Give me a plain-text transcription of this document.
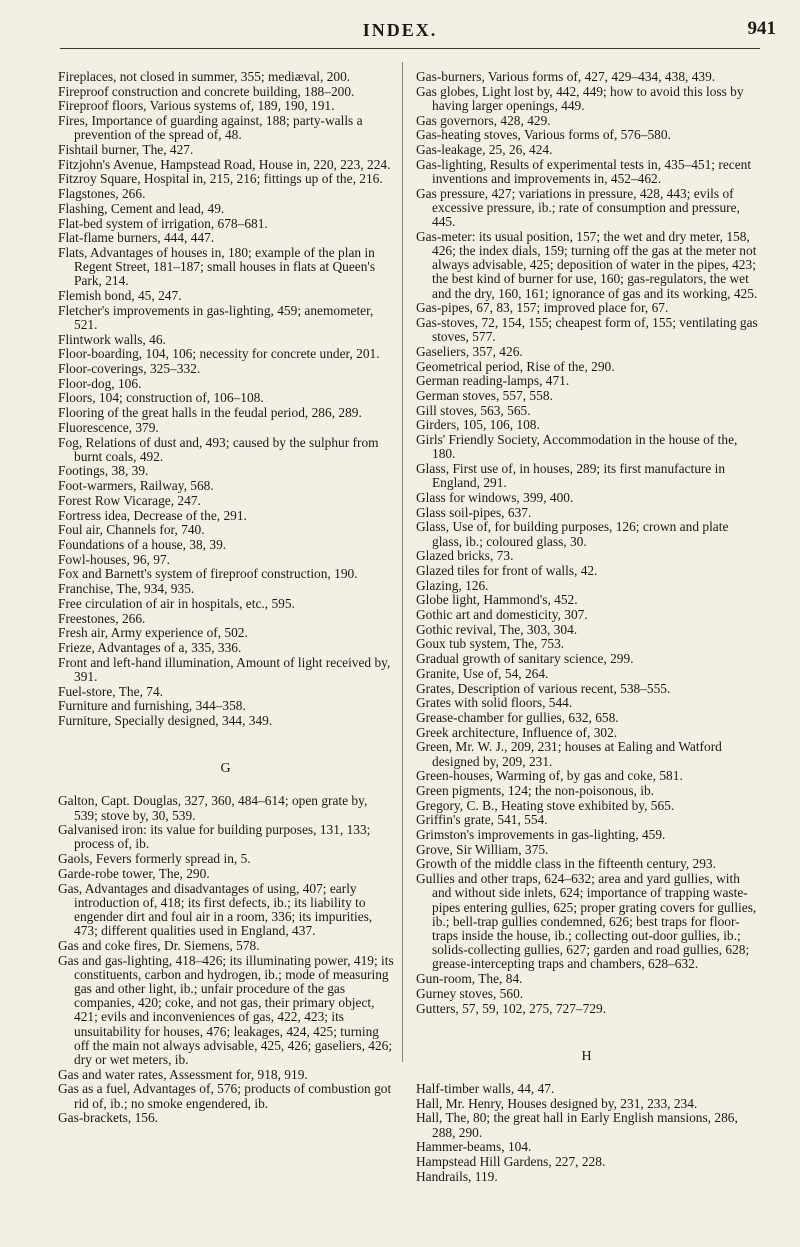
INDEX.	941

Fireplaces, not closed in summer, 355; mediæval, 200.

Fireproof construction and concrete building, 188–200.

Fireproof floors, Various systems of, 189, 190, 191.

Fires, Importance of guarding against, 188; party-walls a prevention of the spread of, 48.

Fishtail burner, The, 427.

Fitzjohn's Avenue, Hampstead Road, House in, 220, 223, 224.

Fitzroy Square, Hospital in, 215, 216; fittings up of the, 216.

Flagstones, 266.

Flashing, Cement and lead, 49.

Flat-bed system of irrigation, 678–681.

Flat-flame burners, 444, 447.

Flats, Advantages of houses in, 180; example of the plan in Regent Street, 181–187; small houses in flats at Queen's Park, 214.

Flemish bond, 45, 247.

Fletcher's improvements in gas-lighting, 459; anemometer, 521.

Flintwork walls, 46.

Floor-boarding, 104, 106; necessity for concrete under, 201.

Floor-coverings, 325–332.

Floor-dog, 106.

Floors, 104; construction of, 106–108.

Flooring of the great halls in the feudal period, 286, 289.

Fluorescence, 379.

Fog, Relations of dust and, 493; caused by the sulphur from burnt coals, 492.

Footings, 38, 39.

Foot-warmers, Railway, 568.

Forest Row Vicarage, 247.

Fortress idea, Decrease of the, 291.

Foul air, Channels for, 740.

Foundations of a house, 38, 39.

Fowl-houses, 96, 97.

Fox and Barnett's system of fireproof construction, 190.

Franchise, The, 934, 935.

Free circulation of air in hospitals, etc., 595.

Freestones, 266.

Fresh air, Army experience of, 502.

Frieze, Advantages of a, 335, 336.

Front and left-hand illumination, Amount of light received by, 391.

Fuel-store, The, 74.

Furniture and furnishing, 344–358.

Furniture, Specially designed, 344, 349.

G

Galton, Capt. Douglas, 327, 360, 484–614; open grate by, 539; stove by, 30, 539.

Galvanised iron: its value for building purposes, 131, 133; process of, ib.

Gaols, Fevers formerly spread in, 5.

Garde-robe tower, The, 290.

Gas, Advantages and disadvantages of using, 407; early introduction of, 418; its first defects, ib.; its liability to engender dirt and foul air in a room, 336; its impurities, 473; different qualities used in England, 437.

Gas and coke fires, Dr. Siemens, 578.

Gas and gas-lighting, 418–426; its illuminating power, 419; its constituents, carbon and hydrogen, ib.; mode of measuring gas and other light, ib.; unfair procedure of the gas companies, 420; coke, and not gas, their primary object, 421; evils and inconveniences of gas, 422, 423; its unsuitability for houses, 476; leakages, 424, 425; turning off the main not always advisable, 425, 426; gaseliers, 426; dry or wet meters, ib.

Gas and water rates, Assessment for, 918, 919.

Gas as a fuel, Advantages of, 576; products of combustion got rid of, ib.; no smoke engendered, ib.

Gas-brackets, 156.

Gas-burners, Various forms of, 427, 429–434, 438, 439.

Gas globes, Light lost by, 442, 449; how to avoid this loss by having larger openings, 449.

Gas governors, 428, 429.

Gas-heating stoves, Various forms of, 576–580.

Gas-leakage, 25, 26, 424.

Gas-lighting, Results of experimental tests in, 435–451; recent inventions and improvements in, 452–462.

Gas pressure, 427; variations in pressure, 428, 443; evils of excessive pressure, ib.; rate of consumption and pressure, 445.

Gas-meter: its usual position, 157; the wet and dry meter, 158, 426; the index dials, 159; turning off the gas at the meter not always advisable, 425; deposition of water in the pipes, 423; the best kind of burner for use, 160; gas-regulators, the wet and the dry, 160, 161; ignorance of gas and its working, 425.

Gas-pipes, 67, 83, 157; improved place for, 67.

Gas-stoves, 72, 154, 155; cheapest form of, 155; ventilating gas stoves, 577.

Gaseliers, 357, 426.

Geometrical period, Rise of the, 290.

German reading-lamps, 471.

German stoves, 557, 558.

Gill stoves, 563, 565.

Girders, 105, 106, 108.

Girls' Friendly Society, Accommodation in the house of the, 180.

Glass, First use of, in houses, 289; its first manufacture in England, 291.

Glass for windows, 399, 400.

Glass soil-pipes, 637.

Glass, Use of, for building purposes, 126; crown and plate glass, ib.; coloured glass, 30.

Glazed bricks, 73.

Glazed tiles for front of walls, 42.

Glazing, 126.

Globe light, Hammond's, 452.

Gothic art and domesticity, 307.

Gothic revival, The, 303, 304.

Goux tub system, The, 753.

Gradual growth of sanitary science, 299.

Granite, Use of, 54, 264.

Grates, Description of various recent, 538–555.

Grates with solid floors, 544.

Grease-chamber for gullies, 632, 658.

Greek architecture, Influence of, 302.

Green, Mr. W. J., 209, 231; houses at Ealing and Watford designed by, 209, 231.

Green-houses, Warming of, by gas and coke, 581.

Green pigments, 124; the non-poisonous, ib.

Gregory, C. B., Heating stove exhibited by, 565.

Griffin's grate, 541, 554.

Grimston's improvements in gas-lighting, 459.

Grove, Sir William, 375.

Growth of the middle class in the fifteenth century, 293.

Gullies and other traps, 624–632; area and yard gullies, with and without side inlets, 624; importance of trapping waste-pipes entering gullies, 625; proper grating covers for gullies, ib.; bell-trap gullies condemned, 626; best traps for floor-traps inside the house, ib.; collecting out-door gullies, ib.; solids-collecting gullies, 627; garden and road gullies, 628; grease-intercepting traps and chambers, 628–632.

Gun-room, The, 84.

Gurney stoves, 560.

Gutters, 57, 59, 102, 275, 727–729.

H

Half-timber walls, 44, 47.

Hall, Mr. Henry, Houses designed by, 231, 233, 234.

Hall, The, 80; the great hall in Early English mansions, 286, 288, 290.

Hammer-beams, 104.

Hampstead Hill Gardens, 227, 228.

Handrails, 119.
